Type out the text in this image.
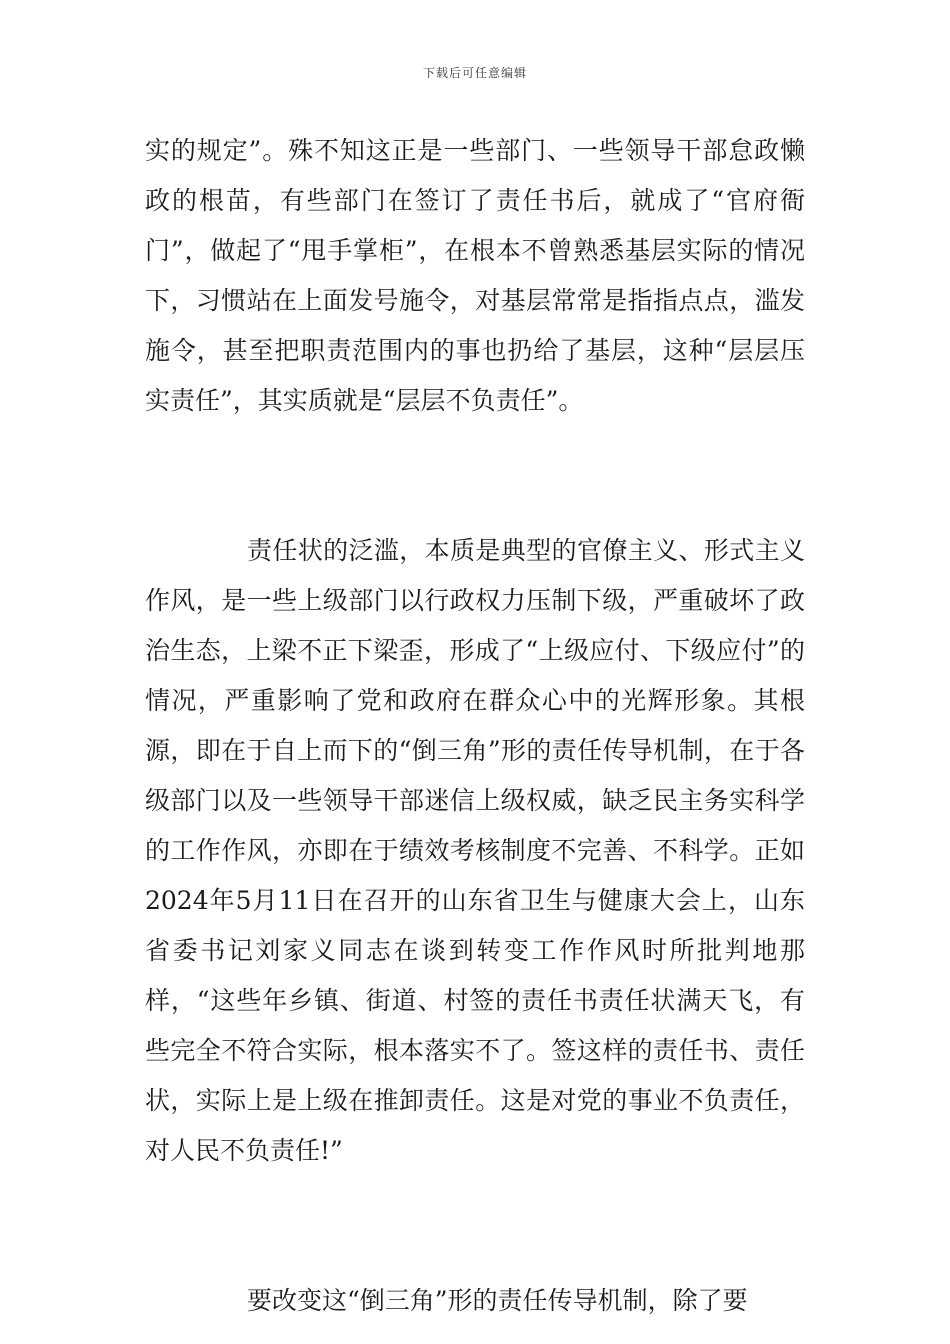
下载后可任意编辑

实的规定”。殊不知这正是一些部门、一些领导干部怠政懒政的根苗，有些部门在签订了责任书后，就成了“官府衙门”，做起了“甩手掌柜”，在根本不曾熟悉基层实际的情况下，习惯站在上面发号施令，对基层常常是指指点点，滥发施令，甚至把职责范围内的事也扔给了基层，这种“层层压实责任”，其实质就是“层层不负责任”。

责任状的泛滥，本质是典型的官僚主义、形式主义作风，是一些上级部门以行政权力压制下级，严重破坏了政治生态，上梁不正下梁歪，形成了“上级应付、下级应付”的情况，严重影响了党和政府在群众心中的光辉形象。其根源，即在于自上而下的“倒三角”形的责任传导机制，在于各级部门以及一些领导干部迷信上级权威，缺乏民主务实科学的工作作风，亦即在于绩效考核制度不完善、不科学。正如2024年5月11日在召开的山东省卫生与健康大会上，山东省委书记刘家义同志在谈到转变工作作风时所批判地那样，“这些年乡镇、街道、村签的责任书责任状满天飞，有些完全不符合实际，根本落实不了。签这样的责任书、责任状，实际上是上级在推卸责任。这是对党的事业不负责任，对人民不负责任!”

要改变这“倒三角”形的责任传导机制，除了要
